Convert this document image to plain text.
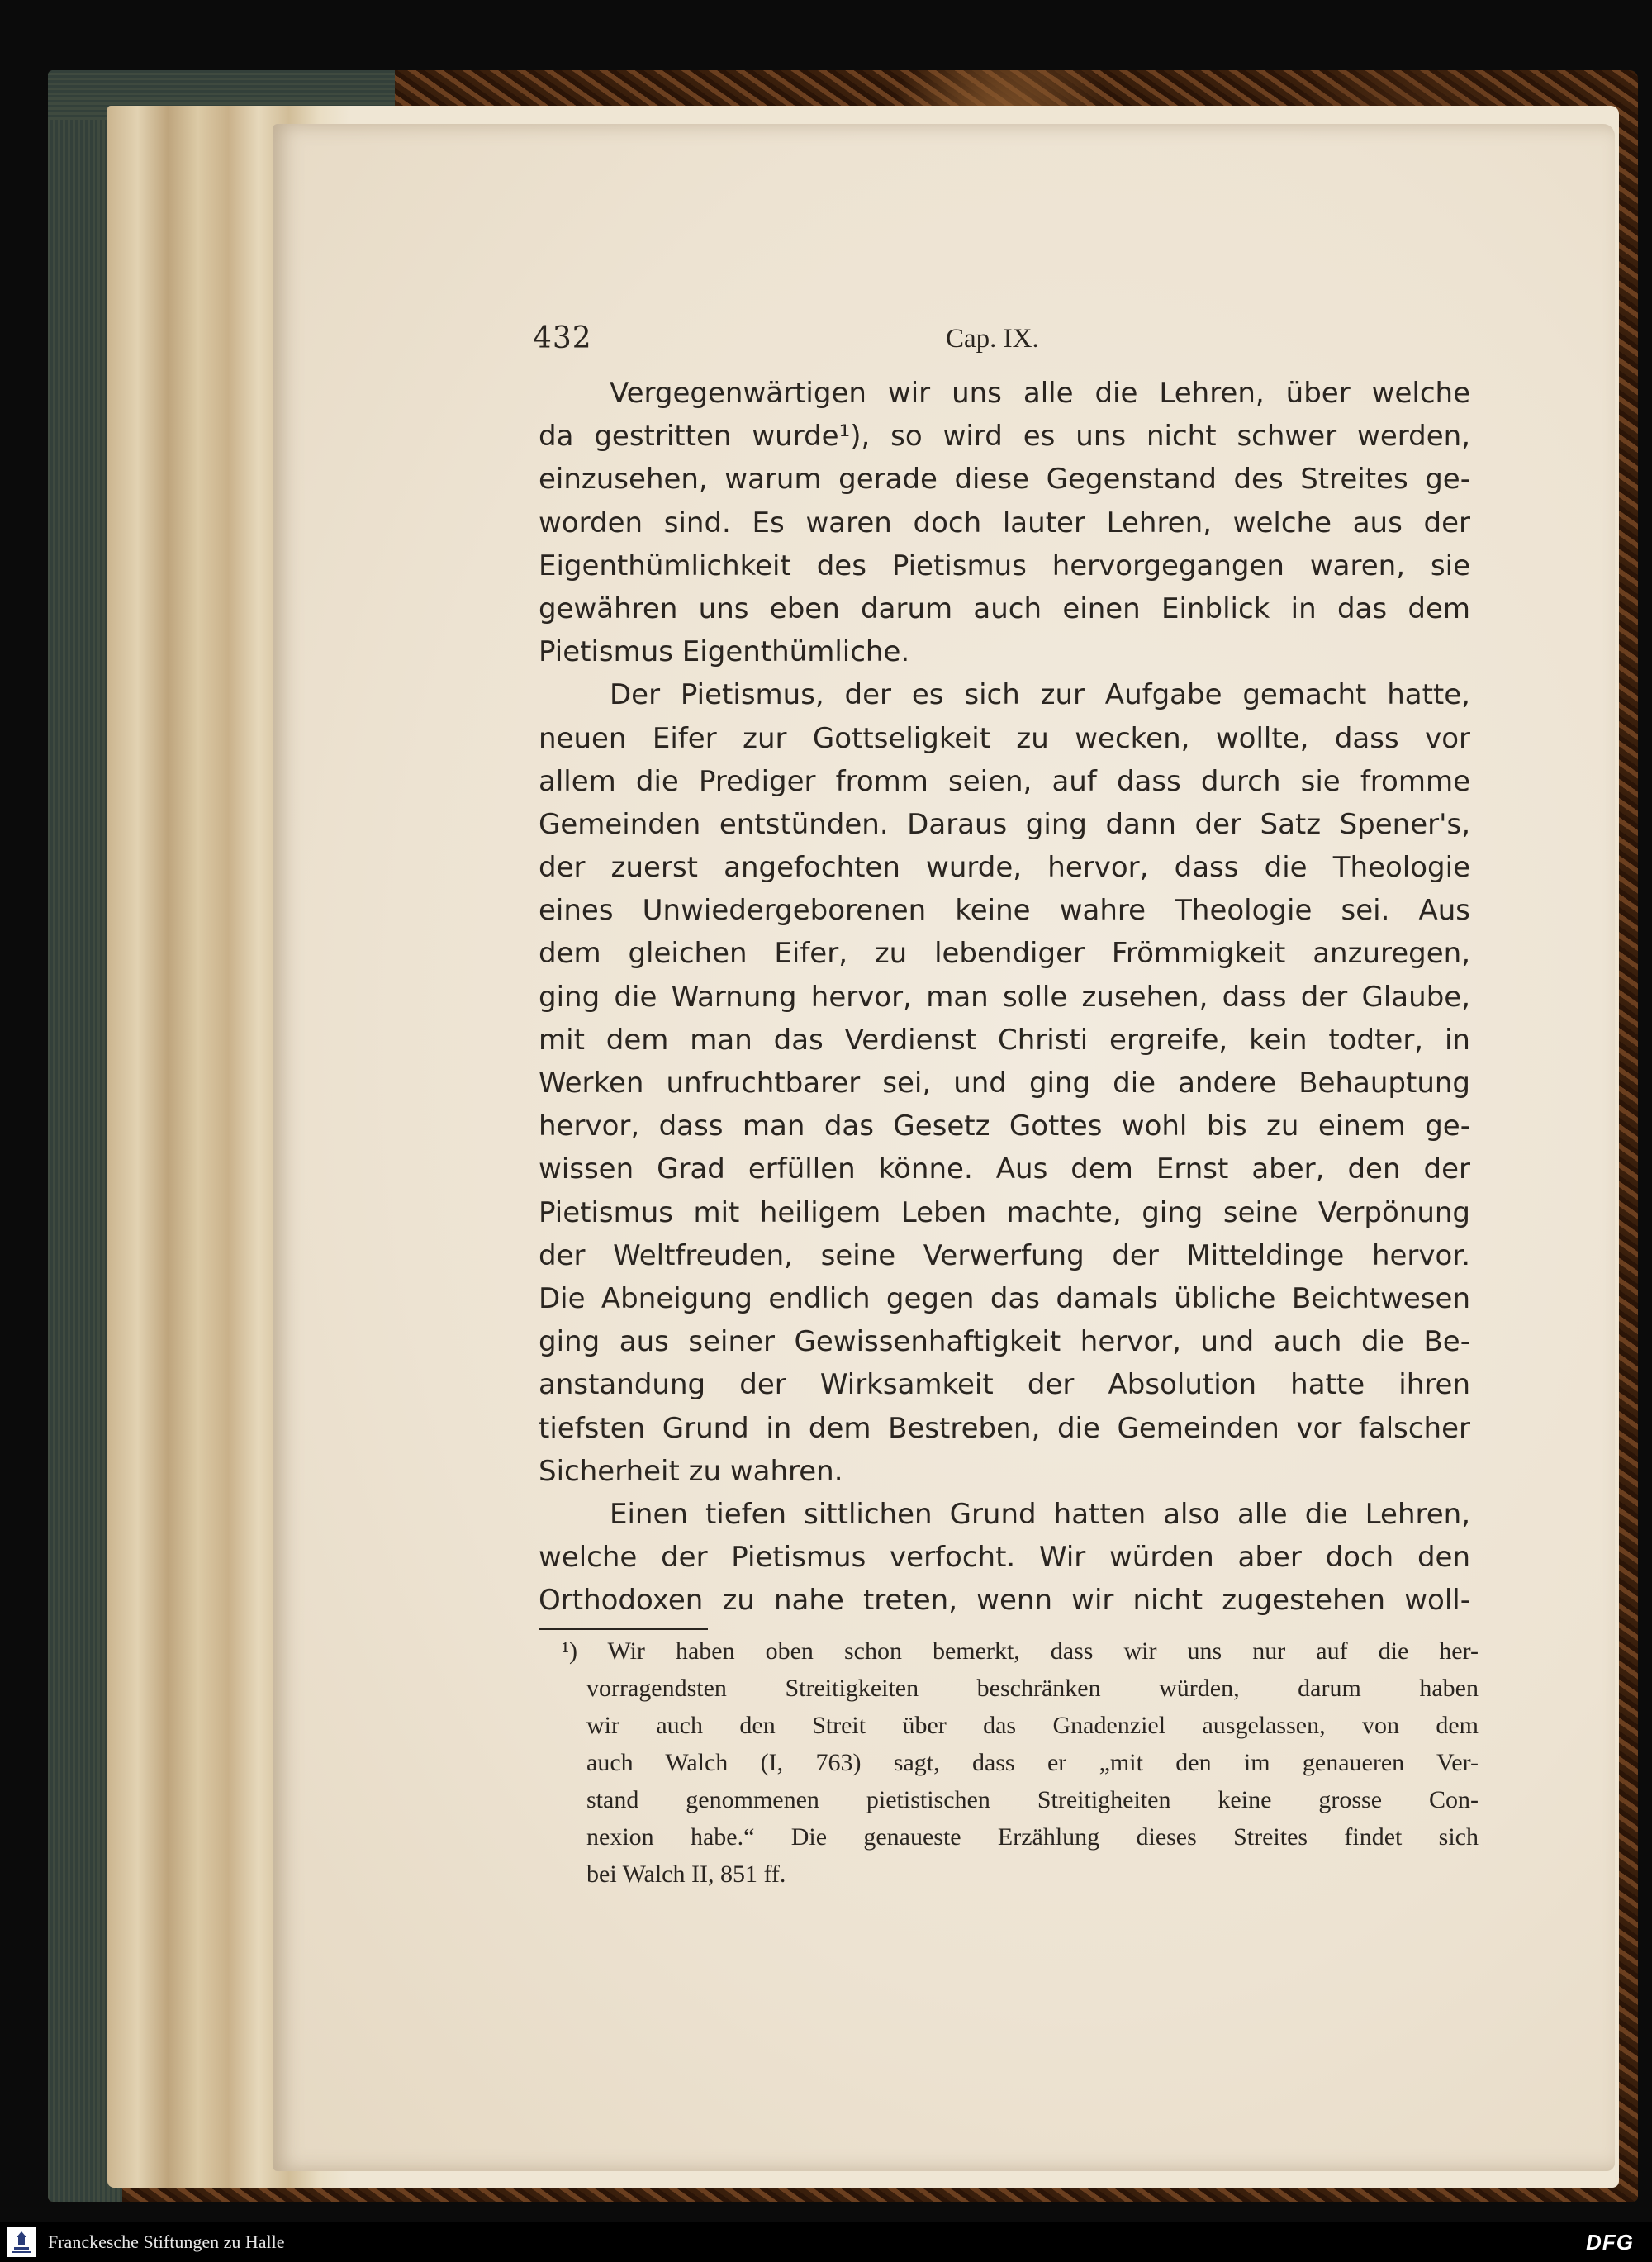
432	Cap. IX.
Vergegenwärtigen wir uns alle die Lehren, über welche
da gestritten wurde¹), so wird es uns nicht schwer werden,
einzusehen, warum gerade diese Gegenstand des Streites ge-
worden sind. Es waren doch lauter Lehren, welche aus der
Eigenthümlichkeit des Pietismus hervorgegangen waren, sie
gewähren uns eben darum auch einen Einblick in das dem
Pietismus Eigenthümliche.
Der Pietismus, der es sich zur Aufgabe gemacht hatte,
neuen Eifer zur Gottseligkeit zu wecken, wollte, dass vor
allem die Prediger fromm seien, auf dass durch sie fromme
Gemeinden entstünden. Daraus ging dann der Satz Spener's,
der zuerst angefochten wurde, hervor, dass die Theologie
eines Unwiedergeborenen keine wahre Theologie sei. Aus
dem gleichen Eifer, zu lebendiger Frömmigkeit anzuregen,
ging die Warnung hervor, man solle zusehen, dass der Glaube,
mit dem man das Verdienst Christi ergreife, kein todter, in
Werken unfruchtbarer sei, und ging die andere Behauptung
hervor, dass man das Gesetz Gottes wohl bis zu einem ge-
wissen Grad erfüllen könne. Aus dem Ernst aber, den der
Pietismus mit heiligem Leben machte, ging seine Verpönung
der Weltfreuden, seine Verwerfung der Mitteldinge hervor.
Die Abneigung endlich gegen das damals übliche Beichtwesen
ging aus seiner Gewissenhaftigkeit hervor, und auch die Be-
anstandung der Wirksamkeit der Absolution hatte ihren
tiefsten Grund in dem Bestreben, die Gemeinden vor falscher
Sicherheit zu wahren.
Einen tiefen sittlichen Grund hatten also alle die Lehren,
welche der Pietismus verfocht. Wir würden aber doch den
Orthodoxen zu nahe treten, wenn wir nicht zugestehen woll-
¹) Wir haben oben schon bemerkt, dass wir uns nur auf die her-
vorragendsten Streitigkeiten beschränken würden, darum haben
wir auch den Streit über das Gnadenziel ausgelassen, von dem
auch Walch (I, 763) sagt, dass er „mit den im genaueren Ver-
stand genommenen pietistischen Streitigheiten keine grosse Con-
nexion habe.“ Die genaueste Erzählung dieses Streites findet sich
bei Walch II, 851 ff.
Franckesche Stiftungen zu Halle	DFG
